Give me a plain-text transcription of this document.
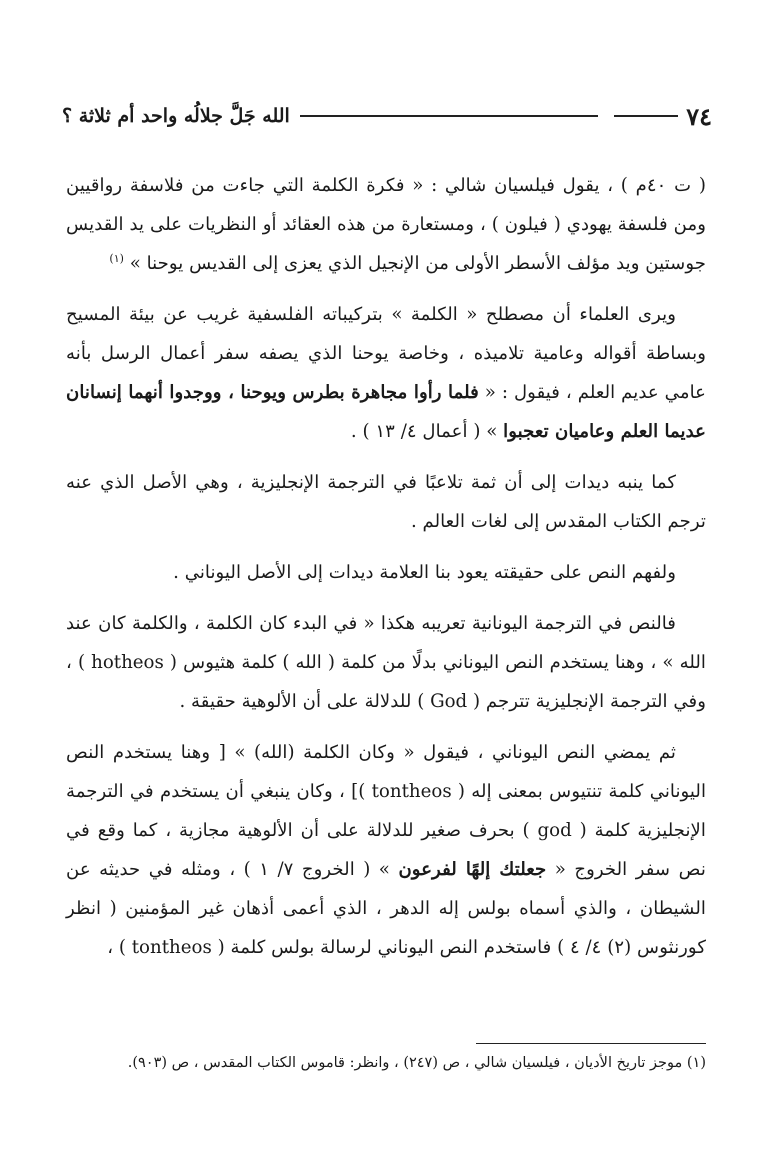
٧٤
الله جَلَّ جلالُه واحد أم ثلاثة ؟

( ت ٤٠م ) ، يقول فيلسيان شالي : « فكرة الكلمة التي جاءت من فلاسفة رواقيين ومن فلسفة يهودي ( فيلون ) ، ومستعارة من هذه العقائد أو النظريات على يد القديس جوستين ويد مؤلف الأسطر الأولى من الإنجيل الذي يعزى إلى القديس يوحنا » $^{(١)}$

ويرى العلماء أن مصطلح « الكلمة » بتركيباته الفلسفية غريب عن بيئة المسيح وبساطة أقواله وعامية تلاميذه ، وخاصة يوحنا الذي يصفه سفر أعمال الرسل بأنه عامي عديم العلم ، فيقول : « فلما رأوا مجاهرة بطرس ويوحنا ، ووجدوا أنهما إنسانان عديما العلم وعاميان تعجبوا » ( أعمال ٤/ ١٣ ) .

كما ينبه ديدات إلى أن ثمة تلاعبًا في الترجمة الإنجليزية ، وهي الأصل الذي عنه ترجم الكتاب المقدس إلى لغات العالم .

ولفهم النص على حقيقته يعود بنا العلامة ديدات إلى الأصل اليوناني .

فالنص في الترجمة اليونانية تعريبه هكذا « في البدء كان الكلمة ، والكلمة كان عند الله » ، وهنا يستخدم النص اليوناني بدلًا من كلمة ( الله ) كلمة هثيوس ( hotheos ) ، وفي الترجمة الإنجليزية تترجم ( God ) للدلالة على أن الألوهية حقيقة .

ثم يمضي النص اليوناني ، فيقول « وكان الكلمة (الله) » [ وهنا يستخدم النص اليوناني كلمة تنتيوس بمعنى إله ( tontheos )] ، وكان ينبغي أن يستخدم في الترجمة الإنجليزية كلمة ( god ) بحرف صغير للدلالة على أن الألوهية مجازية ، كما وقع في نص سفر الخروج « جعلتك إلهًا لفرعون » ( الخروج ٧/ ١ ) ، ومثله في حديثه عن الشيطان ، والذي أسماه بولس إله الدهر ، الذي أعمى أذهان غير المؤمنين ( انظر كورنثوس (٢) ٤/ ٤ ) فاستخدم النص اليوناني لرسالة بولس كلمة ( tontheos ) ،

(١) موجز تاريخ الأديان ، فيلسيان شالي ، ص (٢٤٧) ، وانظر: قاموس الكتاب المقدس ، ص (٩٠٣).
